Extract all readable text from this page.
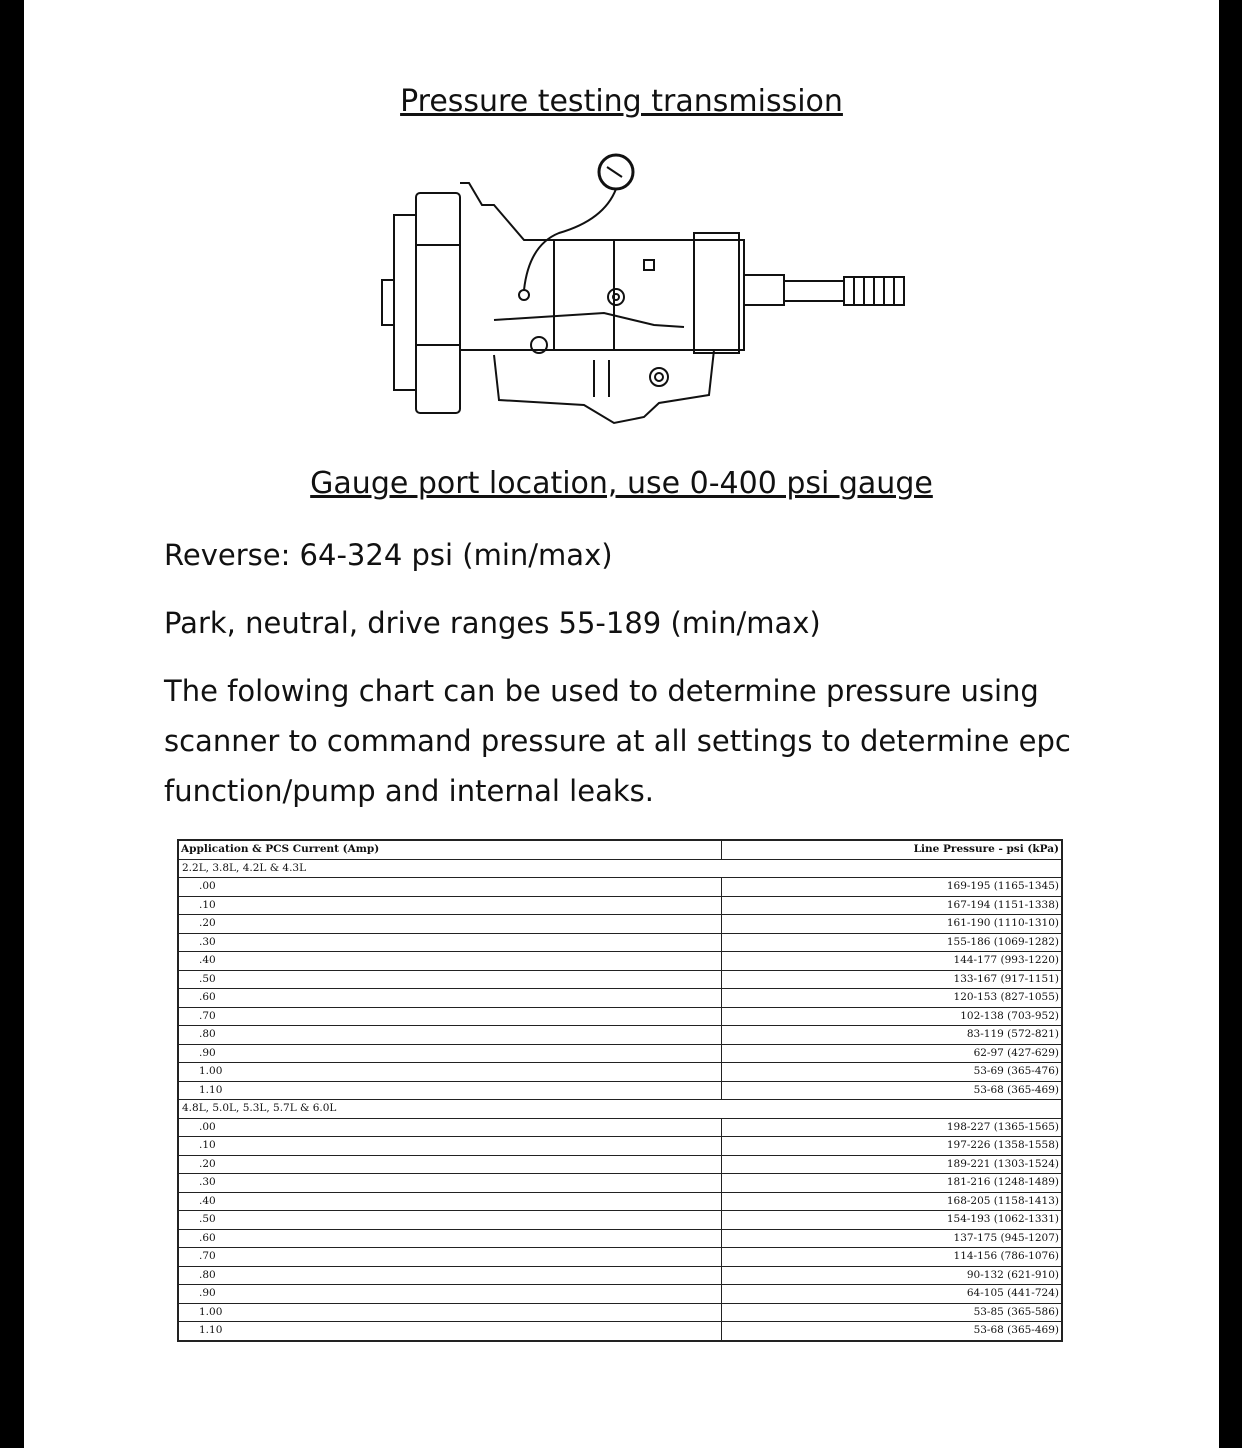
Pressure testing transmission
Gauge port location, use 0-400 psi gauge
Reverse: 64-324 psi (min/max)
Park, neutral, drive ranges 55-189 (min/max)
The folowing chart can be used to determine pressure using scanner to command pressure at all settings to determine epc function/pump and internal leaks.
Application & PCS Current (Amp)	Line Pressure - psi (kPa)
2.2L, 3.8L, 4.2L & 4.3L	
.00	169-195 (1165-1345)
.10	167-194 (1151-1338)
.20	161-190 (1110-1310)
.30	155-186 (1069-1282)
.40	144-177 (993-1220)
.50	133-167 (917-1151)
.60	120-153 (827-1055)
.70	102-138 (703-952)
.80	83-119 (572-821)
.90	62-97 (427-629)
1.00	53-69 (365-476)
1.10	53-68 (365-469)
4.8L, 5.0L, 5.3L, 5.7L & 6.0L	
.00	198-227 (1365-1565)
.10	197-226 (1358-1558)
.20	189-221 (1303-1524)
.30	181-216 (1248-1489)
.40	168-205 (1158-1413)
.50	154-193 (1062-1331)
.60	137-175 (945-1207)
.70	114-156 (786-1076)
.80	90-132 (621-910)
.90	64-105 (441-724)
1.00	53-85 (365-586)
1.10	53-68 (365-469)
